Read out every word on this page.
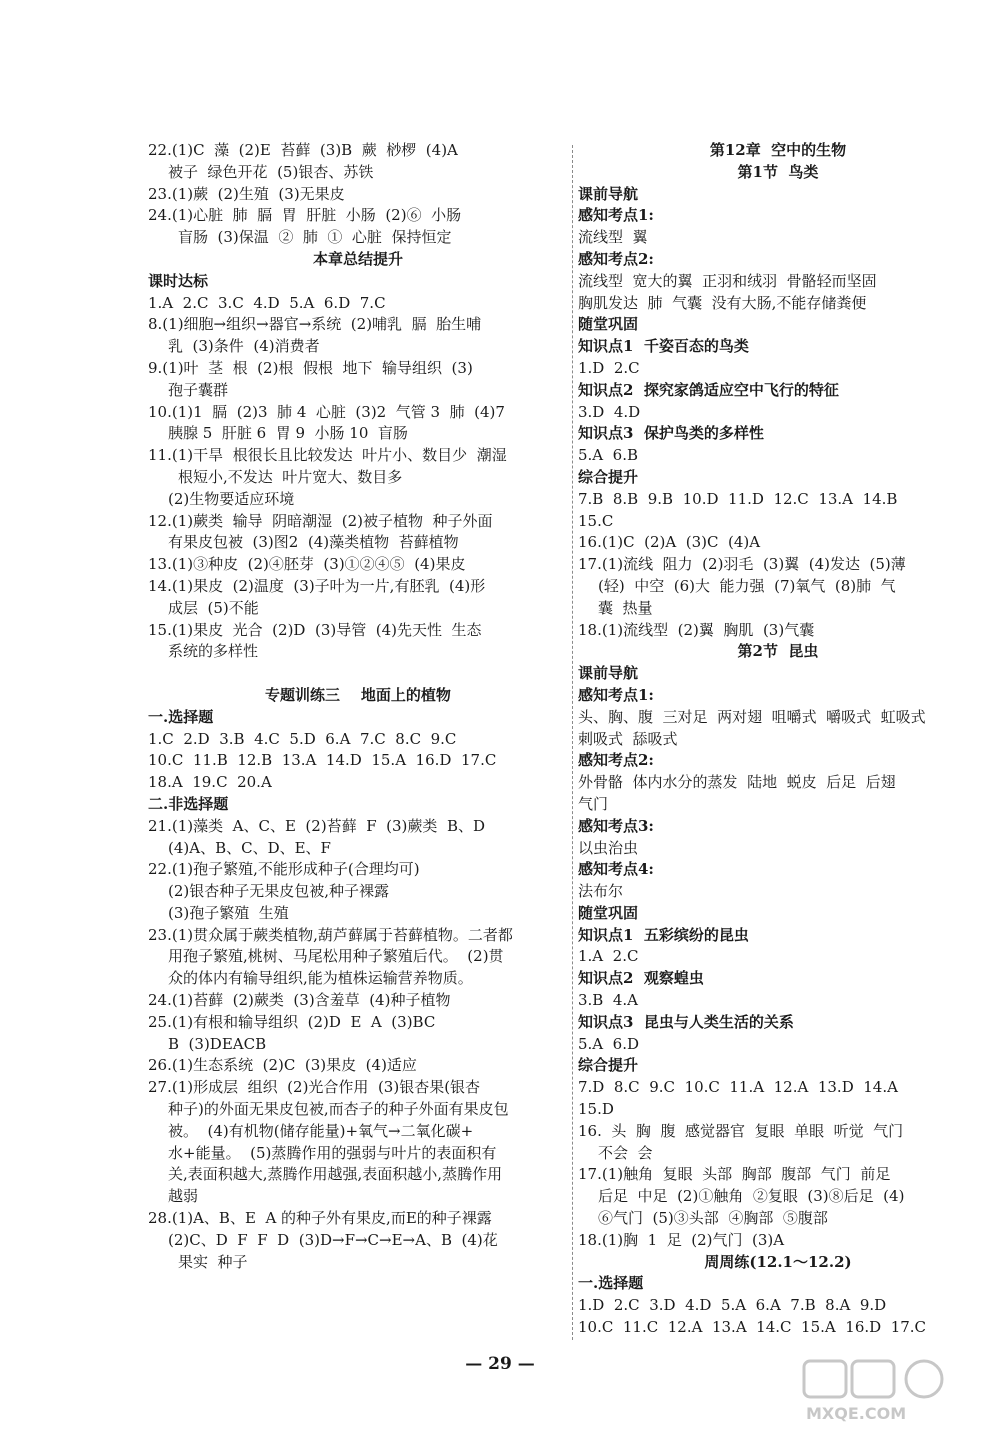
22.(1)C  藻  (2)E  苔藓  (3)B  蕨  桫椤  (4)A
被子  绿色开花  (5)银杏、苏铁
23.(1)蕨  (2)生殖  (3)无果皮
24.(1)心脏  肺  膈  胃  肝脏  小肠  (2)⑥  小肠
盲肠  (3)保温  ②  肺  ①  心脏  保持恒定
本章总结提升
课时达标
1.A  2.C  3.C  4.D  5.A  6.D  7.C
8.(1)细胞→组织→器官→系统  (2)哺乳  膈  胎生哺
乳  (3)条件  (4)消费者
9.(1)叶  茎  根  (2)根  假根  地下  输导组织  (3)
孢子囊群
10.(1)1  膈  (2)3  肺 4  心脏  (3)2  气管 3  肺  (4)7
胰腺 5  肝脏 6  胃 9  小肠 10  盲肠
11.(1)干旱  根很长且比较发达  叶片小、数目少  潮湿
根短小,不发达  叶片宽大、数目多
(2)生物要适应环境
12.(1)蕨类  输导  阴暗潮湿  (2)被子植物  种子外面
有果皮包被  (3)图2  (4)藻类植物  苔藓植物
13.(1)③种皮  (2)④胚芽  (3)①②④⑤  (4)果皮
14.(1)果皮  (2)温度  (3)子叶为一片,有胚乳  (4)形
成层  (5)不能
15.(1)果皮  光合  (2)D  (3)导管  (4)先天性  生态
系统的多样性
专题训练三    地面上的植物
一.选择题
1.C  2.D  3.B  4.C  5.D  6.A  7.C  8.C  9.C
10.C  11.B  12.B  13.A  14.D  15.A  16.D  17.C
18.A  19.C  20.A
二.非选择题
21.(1)藻类  A、C、E  (2)苔藓  F  (3)蕨类  B、D
(4)A、B、C、D、E、F
22.(1)孢子繁殖,不能形成种子(合理均可)
(2)银杏种子无果皮包被,种子裸露
(3)孢子繁殖  生殖
23.(1)贯众属于蕨类植物,葫芦藓属于苔藓植物。二者都
用孢子繁殖,桃树、马尾松用种子繁殖后代。  (2)贯
众的体内有输导组织,能为植株运输营养物质。
24.(1)苔藓  (2)蕨类  (3)含羞草  (4)种子植物
25.(1)有根和输导组织  (2)D  E  A  (3)BC
B  (3)DEACB
26.(1)生态系统  (2)C  (3)果皮  (4)适应
27.(1)形成层  组织  (2)光合作用  (3)银杏果(银杏
种子)的外面无果皮包被,而杏子的种子外面有果皮包
被。  (4)有机物(储存能量)+氧气→二氧化碳+
水+能量。  (5)蒸腾作用的强弱与叶片的表面积有
关,表面积越大,蒸腾作用越强,表面积越小,蒸腾作用
越弱
28.(1)A、B、E  A 的种子外有果皮,而E的种子裸露
(2)C、D  F  F  D  (3)D→F→C→E→A、B  (4)花
果实  种子
第12章  空中的生物
第1节  鸟类
课前导航
感知考点1:
流线型  翼
感知考点2:
流线型  宽大的翼  正羽和绒羽  骨骼轻而坚固
胸肌发达  肺  气囊  没有大肠,不能存储粪便
随堂巩固
知识点1  千姿百态的鸟类
1.D  2.C
知识点2  探究家鸽适应空中飞行的特征
3.D  4.D
知识点3  保护鸟类的多样性
5.A  6.B
综合提升
7.B  8.B  9.B  10.D  11.D  12.C  13.A  14.B
15.C
16.(1)C  (2)A  (3)C  (4)A
17.(1)流线  阻力  (2)羽毛  (3)翼  (4)发达  (5)薄
(轻)  中空  (6)大  能力强  (7)氧气  (8)肺  气
囊  热量
18.(1)流线型  (2)翼  胸肌  (3)气囊
第2节  昆虫
课前导航
感知考点1:
头、胸、腹  三对足  两对翅  咀嚼式  嚼吸式  虹吸式
刺吸式  舔吸式
感知考点2:
外骨骼  体内水分的蒸发  陆地  蜕皮  后足  后翅
气门
感知考点3:
以虫治虫
感知考点4:
法布尔
随堂巩固
知识点1  五彩缤纷的昆虫
1.A  2.C
知识点2  观察蝗虫
3.B  4.A
知识点3  昆虫与人类生活的关系
5.A  6.D
综合提升
7.D  8.C  9.C  10.C  11.A  12.A  13.D  14.A
15.D
16.  头  胸  腹  感觉器官  复眼  单眼  听觉  气门
不会  会
17.(1)触角  复眼  头部  胸部  腹部  气门  前足
后足  中足  (2)①触角  ②复眼  (3)⑧后足  (4)
⑥气门  (5)③头部  ④胸部  ⑤腹部
18.(1)胸  1  足  (2)气门  (3)A
周周练(12.1～12.2)
一.选择题
1.D  2.C  3.D  4.D  5.A  6.A  7.B  8.A  9.D
10.C  11.C  12.A  13.A  14.C  15.A  16.D  17.C
— 29 —
MXQE.COM
